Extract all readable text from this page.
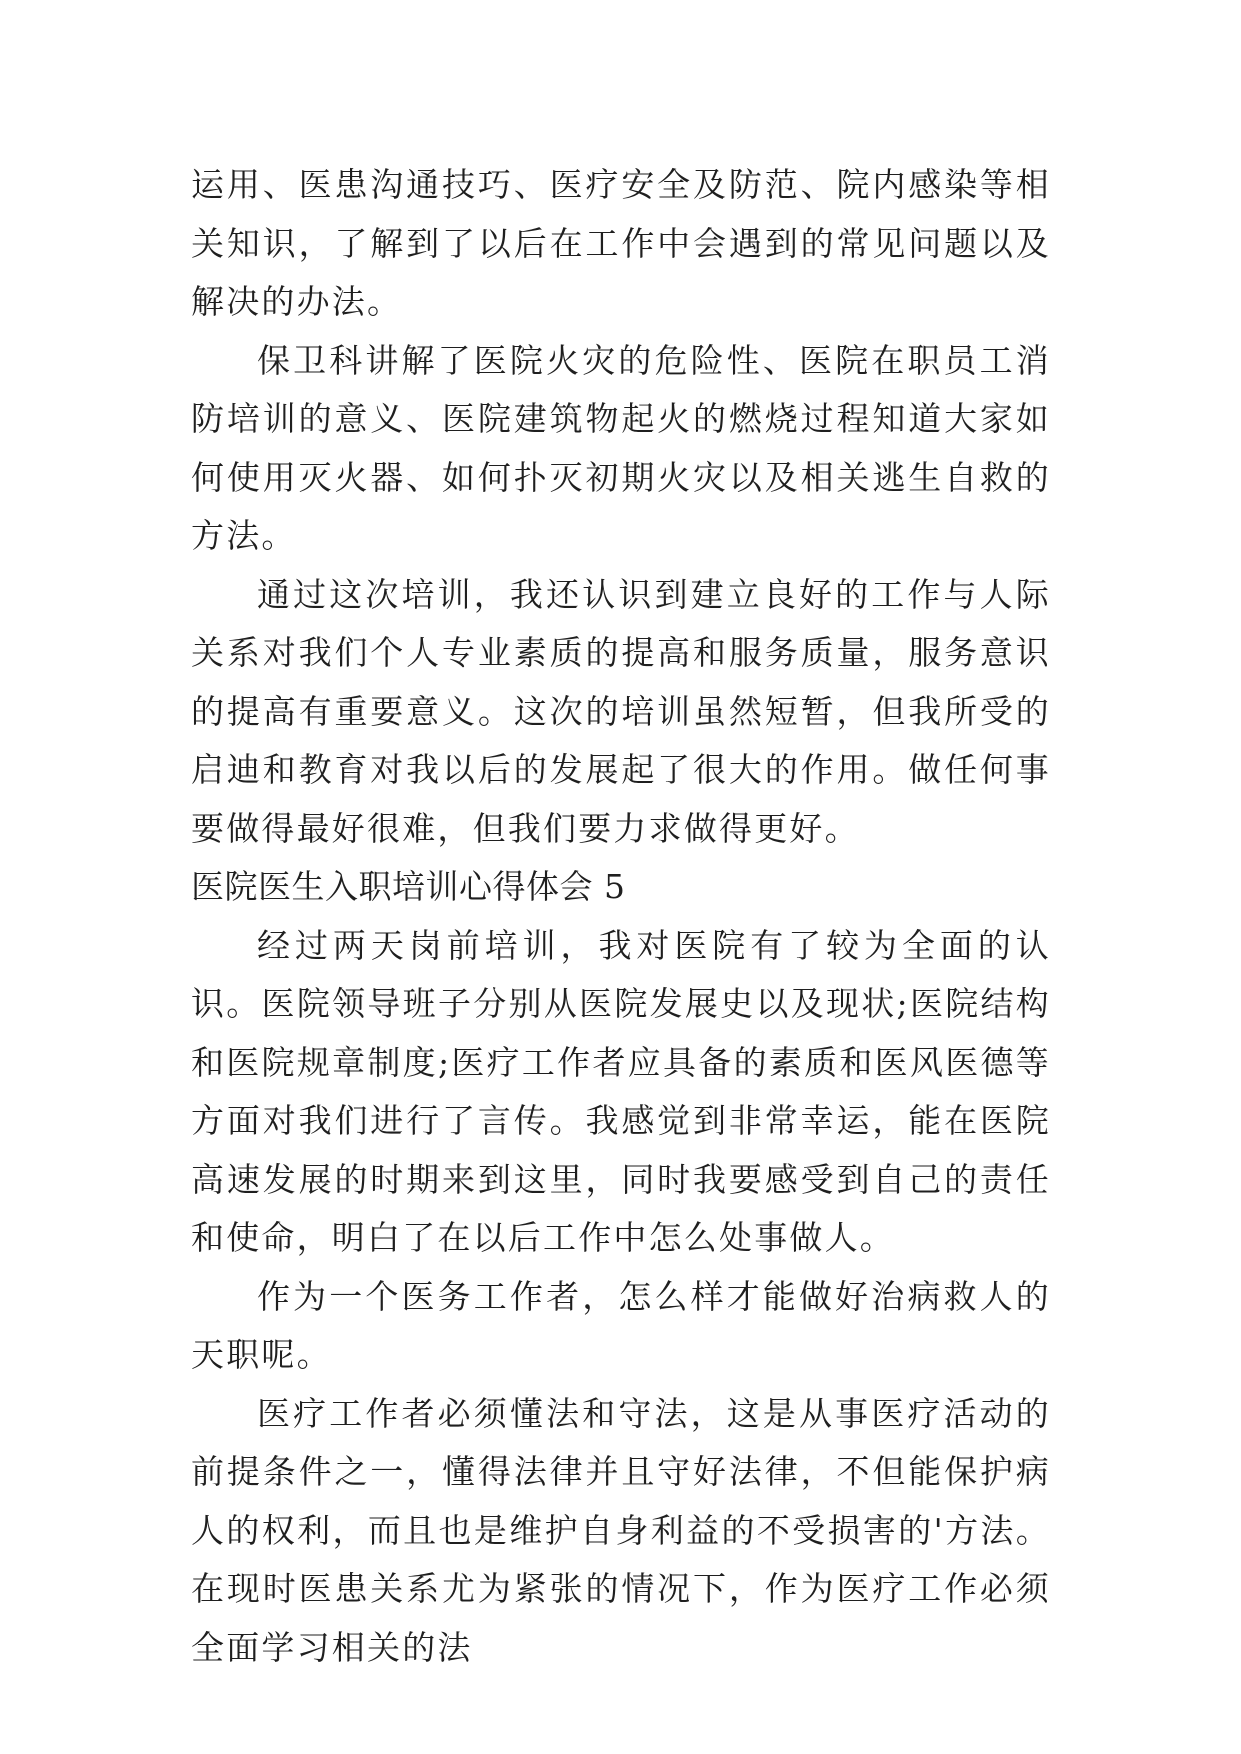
运用、医患沟通技巧、医疗安全及防范、院内感染等相关知识，了解到了以后在工作中会遇到的常见问题以及解决的办法。

保卫科讲解了医院火灾的危险性、医院在职员工消防培训的意义、医院建筑物起火的燃烧过程知道大家如何使用灭火器、如何扑灭初期火灾以及相关逃生自救的方法。

通过这次培训，我还认识到建立良好的工作与人际关系对我们个人专业素质的提高和服务质量，服务意识的提高有重要意义。这次的培训虽然短暂，但我所受的启迪和教育对我以后的发展起了很大的作用。做任何事要做得最好很难，但我们要力求做得更好。

医院医生入职培训心得体会 5

经过两天岗前培训，我对医院有了较为全面的认识。医院领导班子分别从医院发展史以及现状;医院结构和医院规章制度;医疗工作者应具备的素质和医风医德等方面对我们进行了言传。我感觉到非常幸运，能在医院高速发展的时期来到这里，同时我要感受到自己的责任和使命，明白了在以后工作中怎么处事做人。

作为一个医务工作者，怎么样才能做好治病救人的天职呢。

医疗工作者必须懂法和守法，这是从事医疗活动的前提条件之一，懂得法律并且守好法律，不但能保护病人的权利，而且也是维护自身利益的不受损害的'方法。在现时医患关系尤为紧张的情况下，作为医疗工作必须全面学习相关的法
